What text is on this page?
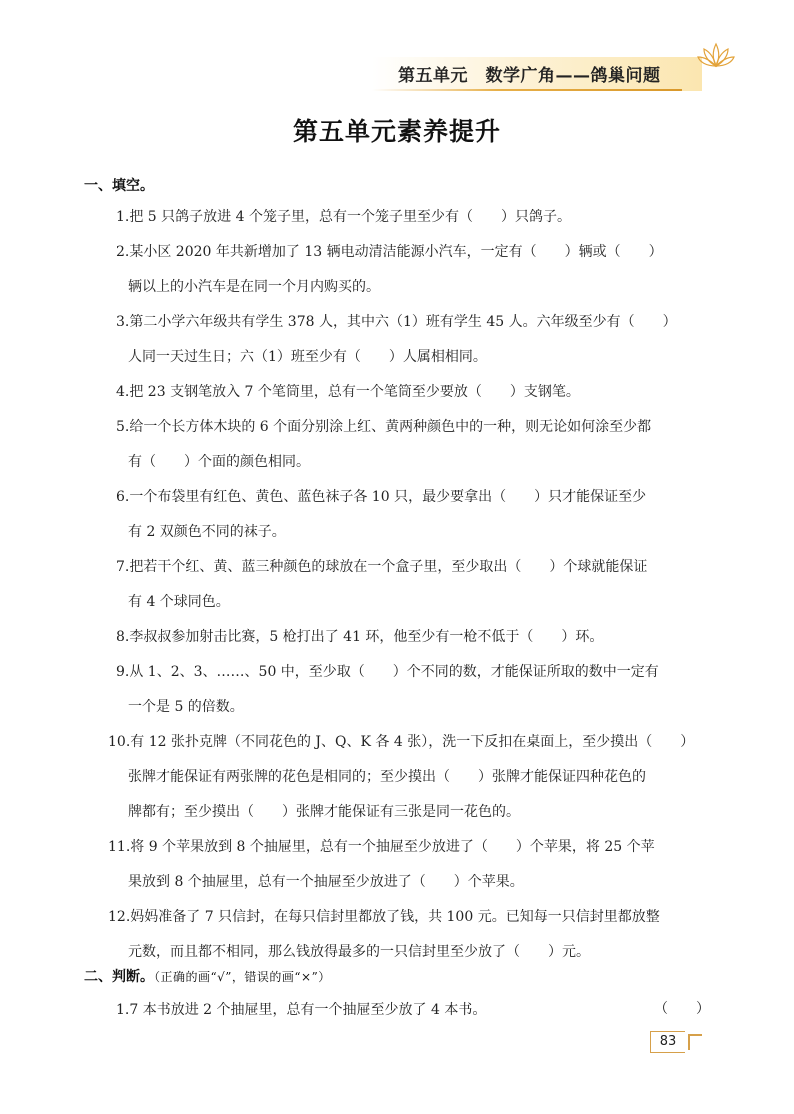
第五单元　数学广角——鸽巢问题
第五单元素养提升
一、填空。
1.把 5 只鸽子放进 4 个笼子里，总有一个笼子里至少有（　　）只鸽子。
2.某小区 2020 年共新增加了 13 辆电动清洁能源小汽车，一定有（　　）辆或（　　）
辆以上的小汽车是在同一个月内购买的。
3.第二小学六年级共有学生 378 人，其中六（1）班有学生 45 人。六年级至少有（　　）
人同一天过生日；六（1）班至少有（　　）人属相相同。
4.把 23 支钢笔放入 7 个笔筒里，总有一个笔筒至少要放（　　）支钢笔。
5.给一个长方体木块的 6 个面分别涂上红、黄两种颜色中的一种，则无论如何涂至少都
有（　　）个面的颜色相同。
6.一个布袋里有红色、黄色、蓝色袜子各 10 只，最少要拿出（　　）只才能保证至少
有 2 双颜色不同的袜子。
7.把若干个红、黄、蓝三种颜色的球放在一个盒子里，至少取出（　　）个球就能保证
有 4 个球同色。
8.李叔叔参加射击比赛，5 枪打出了 41 环，他至少有一枪不低于（　　）环。
9.从 1、2、3、……、50 中，至少取（　　）个不同的数，才能保证所取的数中一定有
一个是 5 的倍数。
10.有 12 张扑克牌（不同花色的 J、Q、K 各 4 张），洗一下反扣在桌面上，至少摸出（　　）
张牌才能保证有两张牌的花色是相同的；至少摸出（　　）张牌才能保证四种花色的
牌都有；至少摸出（　　）张牌才能保证有三张是同一花色的。
11.将 9 个苹果放到 8 个抽屉里，总有一个抽屉至少放进了（　　）个苹果，将 25 个苹
果放到 8 个抽屉里，总有一个抽屉至少放进了（　　）个苹果。
12.妈妈准备了 7 只信封，在每只信封里都放了钱，共 100 元。已知每一只信封里都放整
元数，而且都不相同，那么钱放得最多的一只信封里至少放了（　　）元。
二、判断。（正确的画“√”，错误的画“×”）
1.7 本书放进 2 个抽屉里，总有一个抽屉至少放了 4 本书。	（　　）
83
